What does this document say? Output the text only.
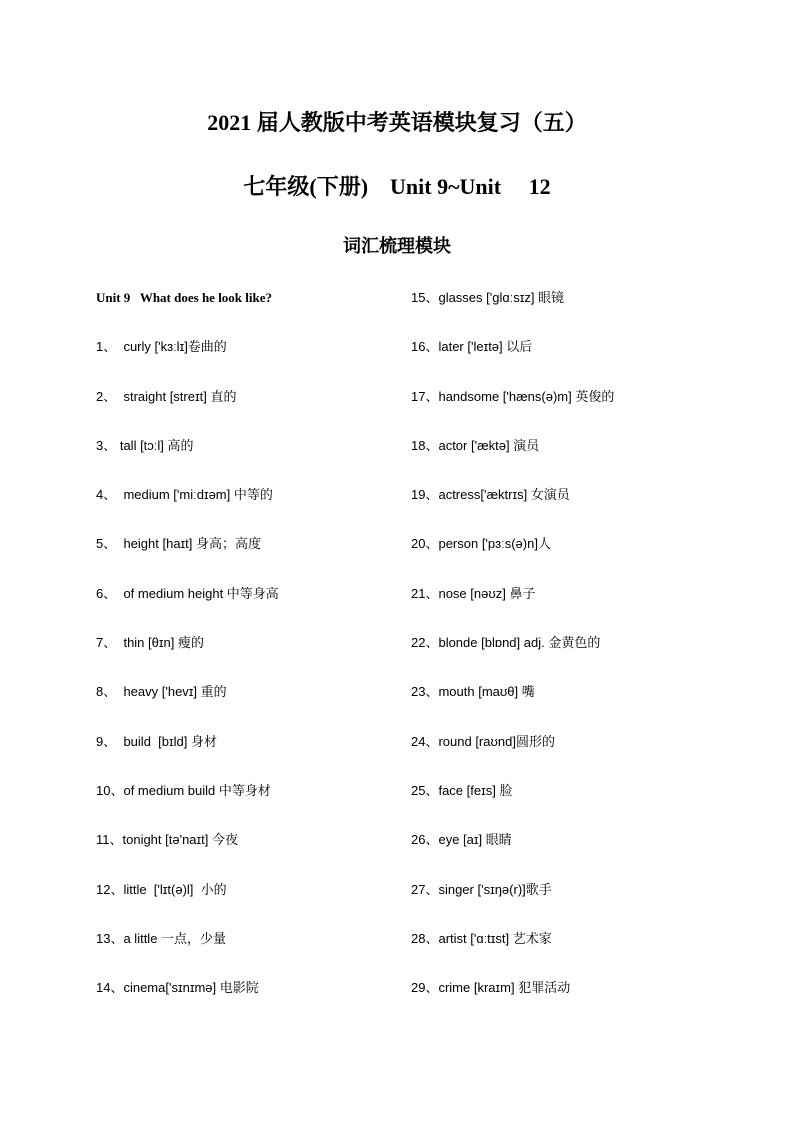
2021 届人教版中考英语模块复习（五）
七年级(下册)    Unit 9~Unit     12
词汇梳理模块
Unit 9   What does he look like?
1、  curly ['kɜːlɪ]卷曲的
2、  straight [streɪt] 直的
3、 tall [tɔːl] 高的
4、  medium ['miːdɪəm] 中等的
5、  height [haɪt] 身高；高度
6、  of medium height 中等身高
7、  thin [θɪn] 瘦的
8、  heavy ['hevɪ] 重的
9、  build  [bɪld] 身材
10、of medium build 中等身材
11、tonight [tə'naɪt] 今夜
12、little  ['lɪt(ə)l]  小的
13、a little 一点，少量
14、cinema['sɪnɪmə] 电影院
15、glasses ['glɑːsɪz] 眼镜
16、later ['leɪtə] 以后
17、handsome ['hæns(ə)m] 英俊的
18、actor ['æktə] 演员
19、actress['æktrɪs] 女演员
20、person ['pɜːs(ə)n]人
21、nose [nəʊz] 鼻子
22、blonde [blɒnd] adj. 金黄色的
23、mouth [maʊθ] 嘴
24、round [raʊnd]圆形的
25、face [feɪs] 脸
26、eye [aɪ] 眼睛
27、singer ['sɪŋə(r)]歌手
28、artist ['ɑːtɪst] 艺术家
29、crime [kraɪm] 犯罪活动
